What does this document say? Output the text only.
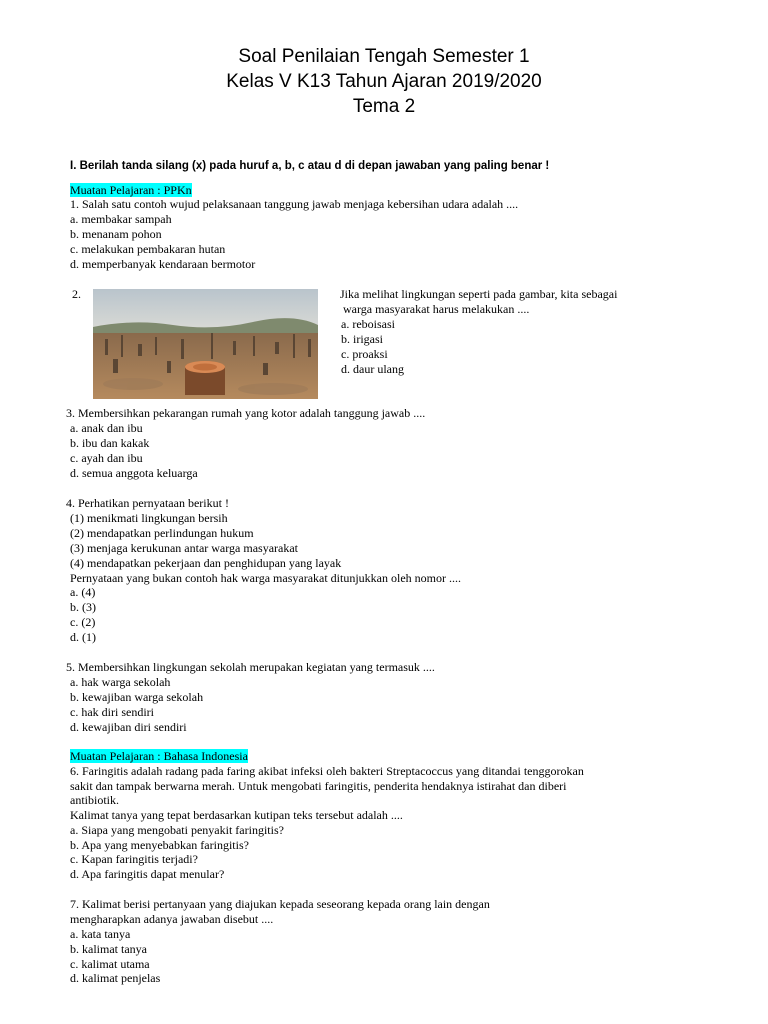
Soal Penilaian Tengah Semester 1
Kelas V K13 Tahun Ajaran 2019/2020
Tema 2
I. Berilah tanda silang (x) pada huruf a, b, c atau d di depan jawaban yang paling benar !
Muatan Pelajaran : PPKn
1. Salah satu contoh wujud pelaksanaan tanggung jawab menjaga kebersihan udara adalah ....
a. membakar sampah
b. menanam pohon
c. melakukan pembakaran hutan
d. memperbanyak kendaraan bermotor
2.	Jika melihat lingkungan seperti pada gambar, kita sebagai
warga masyarakat harus melakukan ....
a. reboisasi
b. irigasi
c. proaksi
d. daur ulang
3. Membersihkan pekarangan rumah yang kotor adalah tanggung jawab ....
a. anak dan ibu
b. ibu dan kakak
c. ayah dan ibu
d. semua anggota keluarga
4. Perhatikan pernyataan berikut !
(1) menikmati lingkungan bersih
(2) mendapatkan perlindungan hukum
(3) menjaga kerukunan antar warga masyarakat
(4) mendapatkan pekerjaan dan penghidupan yang layak
Pernyataan yang bukan contoh hak warga masyarakat ditunjukkan oleh nomor ....
a. (4)
b. (3)
c. (2)
d. (1)
5. Membersihkan lingkungan sekolah merupakan kegiatan yang termasuk ....
a. hak warga sekolah
b. kewajiban warga sekolah
c. hak diri sendiri
d. kewajiban diri sendiri
Muatan Pelajaran : Bahasa Indonesia
6. Faringitis adalah radang pada faring akibat infeksi oleh bakteri Streptacoccus yang ditandai tenggorokan
sakit dan tampak berwarna merah. Untuk mengobati faringitis, penderita hendaknya istirahat dan diberi
antibiotik.
Kalimat tanya yang tepat berdasarkan kutipan teks tersebut adalah ....
a. Siapa yang mengobati penyakit faringitis?
b. Apa yang menyebabkan faringitis?
c. Kapan faringitis terjadi?
d. Apa faringitis dapat menular?
7. Kalimat berisi pertanyaan yang diajukan kepada seseorang kepada orang lain dengan
mengharapkan adanya jawaban disebut ....
a. kata tanya
b. kalimat tanya
c. kalimat utama
d. kalimat penjelas
